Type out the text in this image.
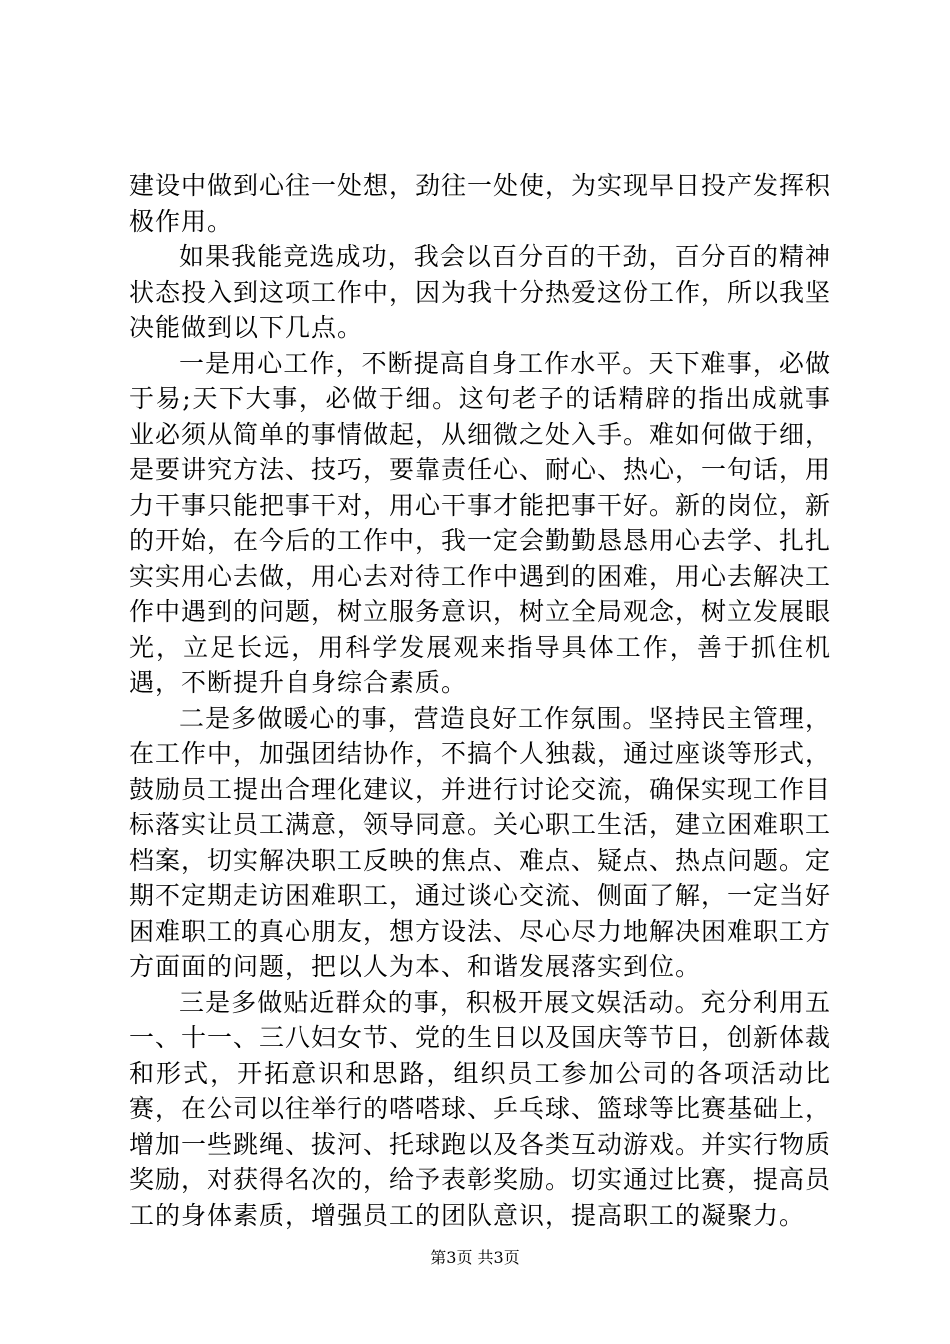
建设中做到心往一处想，劲往一处使，为实现早日投产发挥积极作用。

如果我能竞选成功，我会以百分百的干劲，百分百的精神状态投入到这项工作中，因为我十分热爱这份工作，所以我坚决能做到以下几点。

一是用心工作，不断提高自身工作水平。天下难事，必做于易;天下大事，必做于细。这句老子的话精辟的指出成就事业必须从简单的事情做起，从细微之处入手。难如何做于细，是要讲究方法、技巧，要靠责任心、耐心、热心，一句话，用力干事只能把事干对，用心干事才能把事干好。新的岗位，新的开始，在今后的工作中，我一定会勤勤恳恳用心去学、扎扎实实用心去做，用心去对待工作中遇到的困难，用心去解决工作中遇到的问题，树立服务意识，树立全局观念，树立发展眼光，立足长远，用科学发展观来指导具体工作，善于抓住机遇，不断提升自身综合素质。

二是多做暖心的事，营造良好工作氛围。坚持民主管理，在工作中，加强团结协作，不搞个人独裁，通过座谈等形式，鼓励员工提出合理化建议，并进行讨论交流，确保实现工作目标落实让员工满意，领导同意。关心职工生活，建立困难职工档案，切实解决职工反映的焦点、难点、疑点、热点问题。定期不定期走访困难职工，通过谈心交流、侧面了解，一定当好困难职工的真心朋友，想方设法、尽心尽力地解决困难职工方方面面的问题，把以人为本、和谐发展落实到位。

三是多做贴近群众的事，积极开展文娱活动。充分利用五一、十一、三八妇女节、党的生日以及国庆等节日，创新体裁和形式，开拓意识和思路，组织员工参加公司的各项活动比赛，在公司以往举行的嗒嗒球、乒乓球、篮球等比赛基础上，增加一些跳绳、拔河、托球跑以及各类互动游戏。并实行物质奖励，对获得名次的，给予表彰奖励。切实通过比赛，提高员工的身体素质，增强员工的团队意识，提高职工的凝聚力。

第3页 共3页
